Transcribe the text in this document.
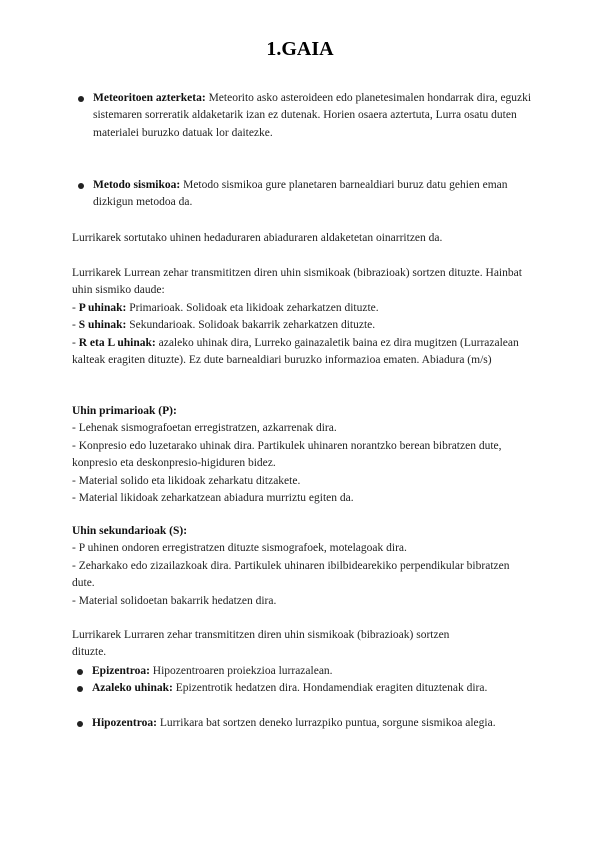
1.GAIA
Meteoritoen azterketa: Meteorito asko asteroideen edo planetesimalen hondarrak dira, eguzki sistemaren sorreratik aldaketarik izan ez dutenak. Horien osaera aztertuta, Lurra osatu duten materialei buruzko datuak lor daitezke.
Metodo sismikoa: Metodo sismikoa gure planetaren barnealdiari buruz datu gehien eman dizkigun metodoa da.
Lurrikarek sortutako uhinen hedaduraren abiaduraren aldaketetan oinarritzen da.
Lurrikarek Lurrean zehar transmititzen diren uhin sismikoak (bibrazioak) sortzen dituzte. Hainbat uhin sismiko daude:
- P uhinak: Primarioak. Solidoak eta likidoak zeharkatzen dituzte.
- S uhinak: Sekundarioak. Solidoak bakarrik zeharkatzen dituzte.
- R eta L uhinak: azaleko uhinak dira, Lurreko gainazaletik baina ez dira mugitzen (Lurrazalean kalteak eragiten dituzte). Ez dute barnealdiari buruzko informazioa ematen. Abiadura (m/s)
Uhin primarioak (P):
- Lehenak sismografoetan erregistratzen, azkarrenak dira.
- Konpresio edo luzetarako uhinak dira. Partikulek uhinaren norantzko berean bibratzen dute, konpresio eta deskonpresio-higiduren bidez.
- Material solido eta likidoak zeharkatu ditzakete.
- Material likidoak zeharkatzean abiadura murriztu egiten da.
Uhin sekundarioak (S):
- P uhinen ondoren erregistratzen dituzte sismografoek, motelagoak dira.
- Zeharkako edo zizailazkoak dira. Partikulek uhinaren ibilbidearekiko perpendikular bibratzen dute.
- Material solidoetan bakarrik hedatzen dira.
Lurrikarek Lurraren zehar transmititzen diren uhin sismikoak (bibrazioak) sortzen dituzte.
Epizentroa: Hipozentroaren proiekzioa lurrazalean.
Azaleko uhinak: Epizentrotik hedatzen dira. Hondamendiak eragiten dituztenak dira.
Hipozentroa: Lurrikara bat sortzen deneko lurrazpiko puntua, sorgune sismikoa alegia.
